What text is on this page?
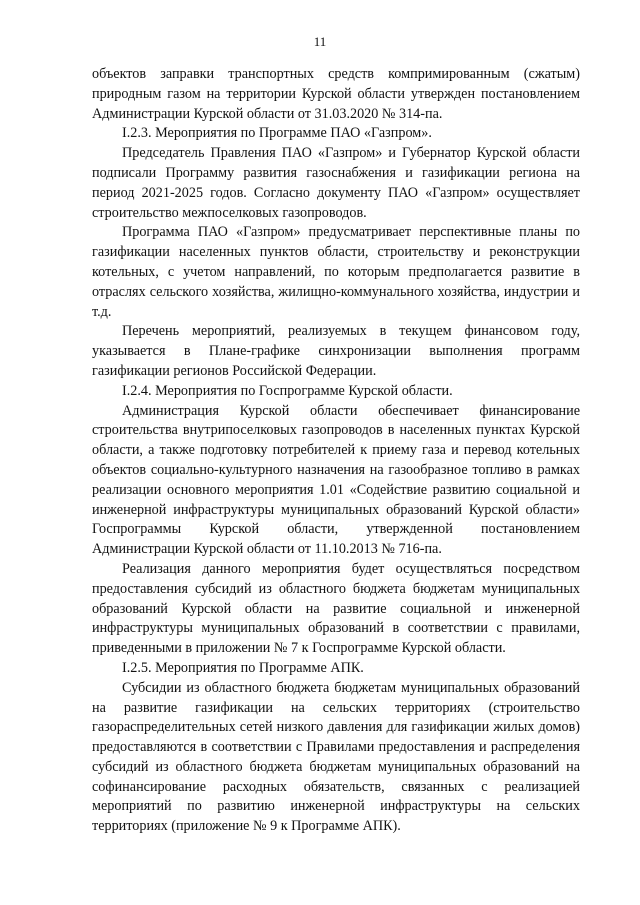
11

объектов заправки транспортных средств компримированным (сжатым) природным газом на территории Курской области утвержден постановлением Администрации Курской области от 31.03.2020 № 314-па.

I.2.3. Мероприятия по Программе ПАО «Газпром».

Председатель Правления ПАО «Газпром» и Губернатор Курской области подписали Программу развития газоснабжения и газификации региона на период 2021-2025 годов. Согласно документу ПАО «Газпром» осуществляет строительство межпоселковых газопроводов.

Программа ПАО «Газпром» предусматривает перспективные планы по газификации населенных пунктов области, строительству и реконструкции котельных, с учетом направлений, по которым предполагается развитие в отраслях сельского хозяйства, жилищно-коммунального хозяйства, индустрии и т.д.

Перечень мероприятий, реализуемых в текущем финансовом году, указывается в Плане-графике синхронизации выполнения программ газификации регионов Российской Федерации.

I.2.4. Мероприятия по Госпрограмме Курской области.

Администрация Курской области обеспечивает финансирование строительства внутрипоселковых газопроводов в населенных пунктах Курской области, а также подготовку потребителей к приему газа и перевод котельных объектов социально-культурного назначения на газообразное топливо в рамках реализации основного мероприятия 1.01 «Содействие развитию социальной и инженерной инфраструктуры муниципальных образований Курской области» Госпрограммы Курской области, утвержденной постановлением Администрации Курской области от 11.10.2013 № 716-па.

Реализация данного мероприятия будет осуществляться посредством предоставления субсидий из областного бюджета бюджетам муниципальных образований Курской области на развитие социальной и инженерной инфраструктуры муниципальных образований в соответствии с правилами, приведенными в приложении № 7 к Госпрограмме Курской области.

I.2.5. Мероприятия по Программе АПК.

Субсидии из областного бюджета бюджетам муниципальных образований на развитие газификации на сельских территориях (строительство газораспределительных сетей низкого давления для газификации жилых домов) предоставляются в соответствии с Правилами предоставления и распределения субсидий из областного бюджета бюджетам муниципальных образований на софинансирование расходных обязательств, связанных с реализацией мероприятий по развитию инженерной инфраструктуры на сельских территориях (приложение № 9 к Программе АПК).
